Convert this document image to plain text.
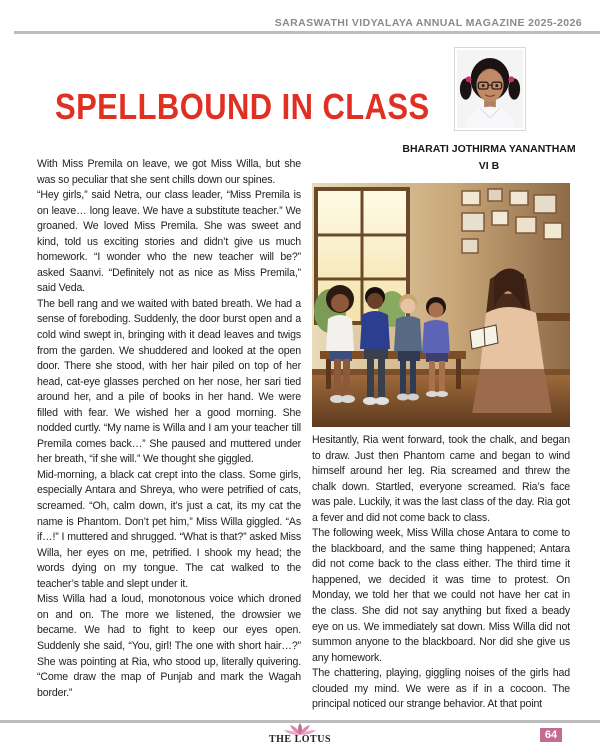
SARASWATHI VIDYALAYA ANNUAL MAGAZINE 2025-2026
SPELLBOUND IN CLASS
BHARATI JOTHIRMA YANANTHAM
VI B

With Miss Premila on leave, we got Miss Willa, but she was so peculiar that she sent chills down our spines.

“Hey girls,” said Netra, our class leader, “Miss Premila is on leave… long leave. We have a substitute teacher.” We groaned. We loved Miss Premila. She was sweet and kind, told us exciting stories and didn’t give us much homework. “I wonder who the new teacher will be?” asked Saanvi. “Definitely not as nice as Miss Premila,” said Veda.

The bell rang and we waited with bated breath. We had a sense of foreboding. Suddenly, the door burst open and a cold wind swept in, bringing with it dead leaves and twigs from the garden. We shuddered and looked at the open door. There she stood, with her hair piled on top of her head, cat-eye glasses perched on her nose, her sari tied around her, and a pile of books in her hand. We were filled with fear. We wished her a good morning. She nodded curtly. “My name is Willa and I am your teacher till Premila comes back…” She paused and muttered under her breath, “if she will.” We thought she giggled.

Mid-morning, a black cat crept into the class. Some girls, especially Antara and Shreya, who were petrified of cats, screamed. “Oh, calm down, it’s just a cat, its my cat the name is Phantom. Don’t pet him,” Miss Willa giggled. “As if…!” I muttered and shrugged. “What is that?” asked Miss Willa, her eyes on me, petrified. I shook my head; the words dying on my tongue. The cat walked to the teacher’s table and slept under it.

Miss Willa had a loud, monotonous voice which droned on and on. The more we listened, the drowsier we became. We had to fight to keep our eyes open. Suddenly she said, “You, girl! The one with short hair…?” She was pointing at Ria, who stood up, literally quivering. “Come draw the map of Punjab and mark the Wagah border.”

Hesitantly, Ria went forward, took the chalk, and began to draw. Just then Phantom came and began to wind himself around her leg. Ria screamed and threw the chalk down. Startled, everyone screamed. Ria’s face was pale. Luckily, it was the last class of the day. Ria got a fever and did not come back to class.

The following week, Miss Willa chose Antara to come to the blackboard, and the same thing happened; Antara did not come back to the class either. The third time it happened, we decided it was time to protest. On Monday, we told her that we could not have her cat in the class. She did not say anything but fixed a beady eye on us. We immediately sat down. Miss Willa did not summon anyone to the blackboard. Nor did she give us any homework.

The chattering, playing, giggling noises of the girls had clouded my mind. We were as if in a cocoon. The principal noticed our strange behavior. At that point

THE LOTUS	64
